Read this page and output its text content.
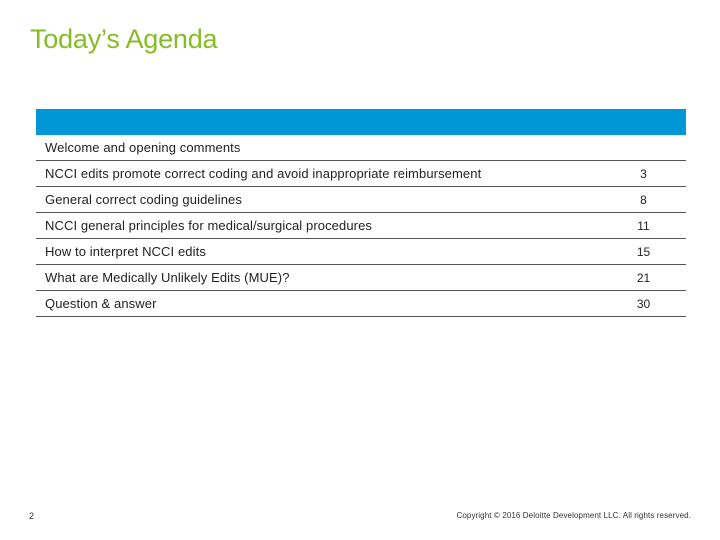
Today’s Agenda
Welcome and opening comments
NCCI edits promote correct coding and avoid inappropriate reimbursement	3
General correct coding guidelines	8
NCCI general principles for medical/surgical procedures	11
How to interpret NCCI edits	15
What are Medically Unlikely Edits (MUE)?	21
Question & answer	30
2	Copyright © 2016 Deloitte Development LLC. All rights reserved.
